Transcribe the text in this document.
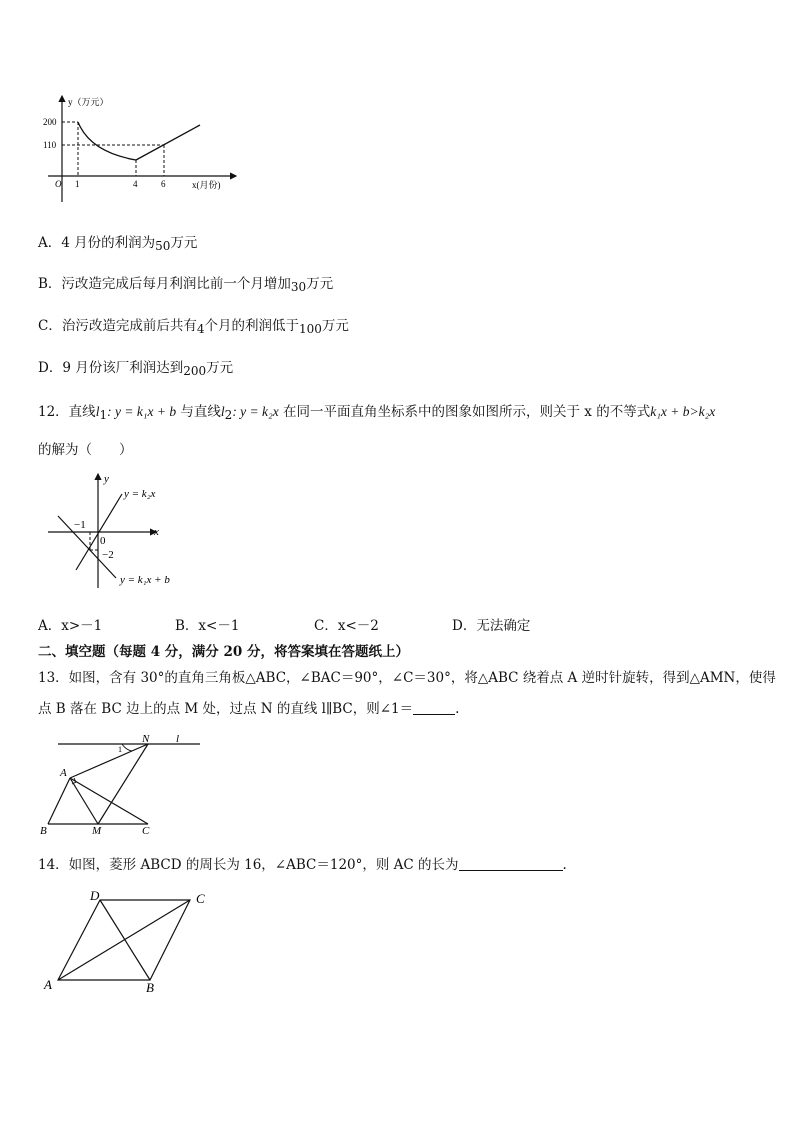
y（万元）
x(月份)
O
200
110
1	4	6
A．4 月份的利润为50万元
B．污改造完成后每月利润比前一个月增加30万元
C．治污改造完成前后共有4个月的利润低于100万元
D．9 月份该厂利润达到200万元
12．直线l1: y = k₁x + b 与直线l2: y = k₂x 在同一平面直角坐标系中的图象如图所示，则关于 x 的不等式k₁x + b>k₂x
的解为（　　）
y
x
0
−1
−2
y = k₂x
y = k₁x + b
A．x>－1	B．x<－1	C．x<－2	D．无法确定
二、填空题（每题 4 分，满分 20 分，将答案填在答题纸上）
13．如图，含有 30°的直角三角板△ABC，∠BAC＝90°，∠C＝30°，将△ABC 绕着点 A 逆时针旋转，得到△AMN，使得
点 B 落在 BC 边上的点 M 处，过点 N 的直线 l∥BC，则∠1＝	.
N l
1
A
B	M	C
14．如图，菱形 ABCD 的周长为 16，∠ABC＝120°，则 AC 的长为	.
D	C
A	B
